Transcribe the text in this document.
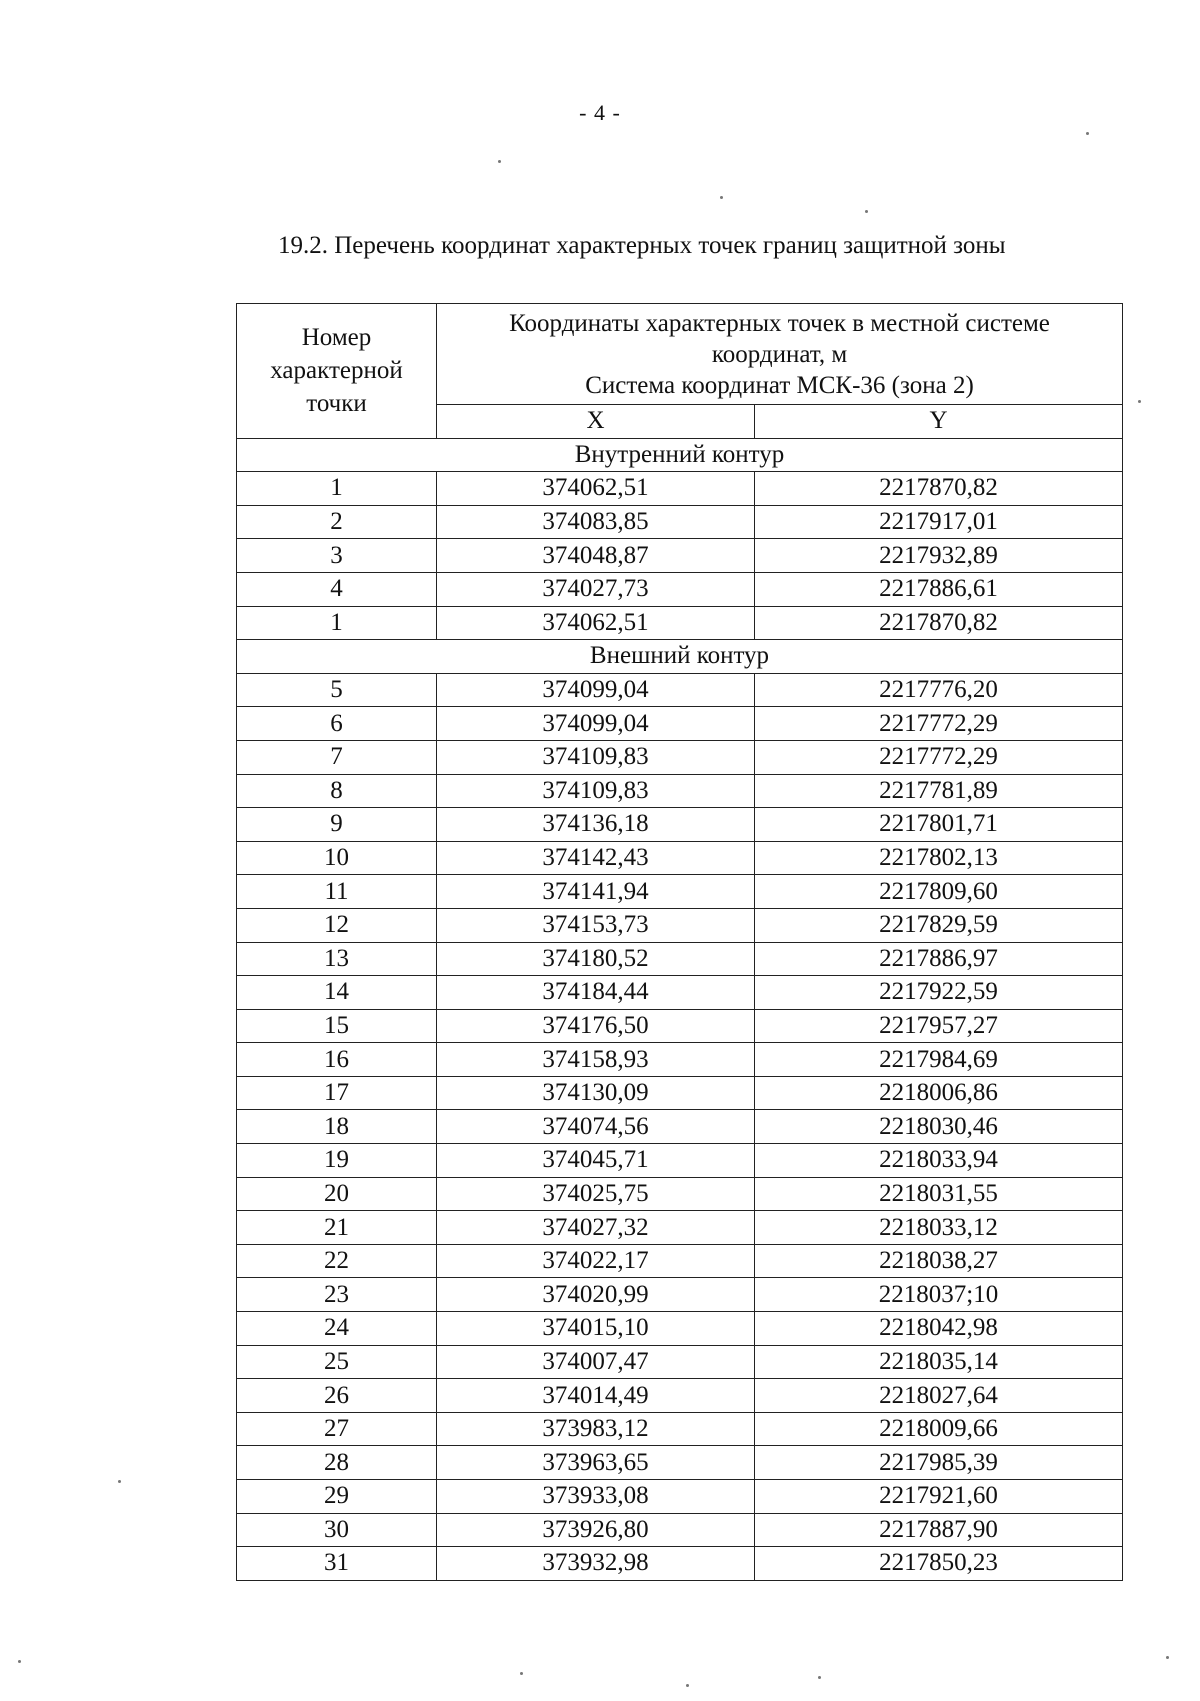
- 4 -
19.2. Перечень координат характерных точек границ защитной зоны
Номер характерной точки	Координаты характерных точек в местной системе
координат, м
Система координат МСК-36 (зона 2)	

	X	Y
Внутренний контур		
1	374062,51	2217870,82
2	374083,85	2217917,01
3	374048,87	2217932,89
4	374027,73	2217886,61
1	374062,51	2217870,82
Внешний контур		
5	374099,04	2217776,20
6	374099,04	2217772,29
7	374109,83	2217772,29
8	374109,83	2217781,89
9	374136,18	2217801,71
10	374142,43	2217802,13
11	374141,94	2217809,60
12	374153,73	2217829,59
13	374180,52	2217886,97
14	374184,44	2217922,59
15	374176,50	2217957,27
16	374158,93	2217984,69
17	374130,09	2218006,86
18	374074,56	2218030,46
19	374045,71	2218033,94
20	374025,75	2218031,55
21	374027,32	2218033,12
22	374022,17	2218038,27
23	374020,99	2218037;10
24	374015,10	2218042,98
25	374007,47	2218035,14
26	374014,49	2218027,64
27	373983,12	2218009,66
28	373963,65	2217985,39
29	373933,08	2217921,60
30	373926,80	2217887,90
31	373932,98	2217850,23
